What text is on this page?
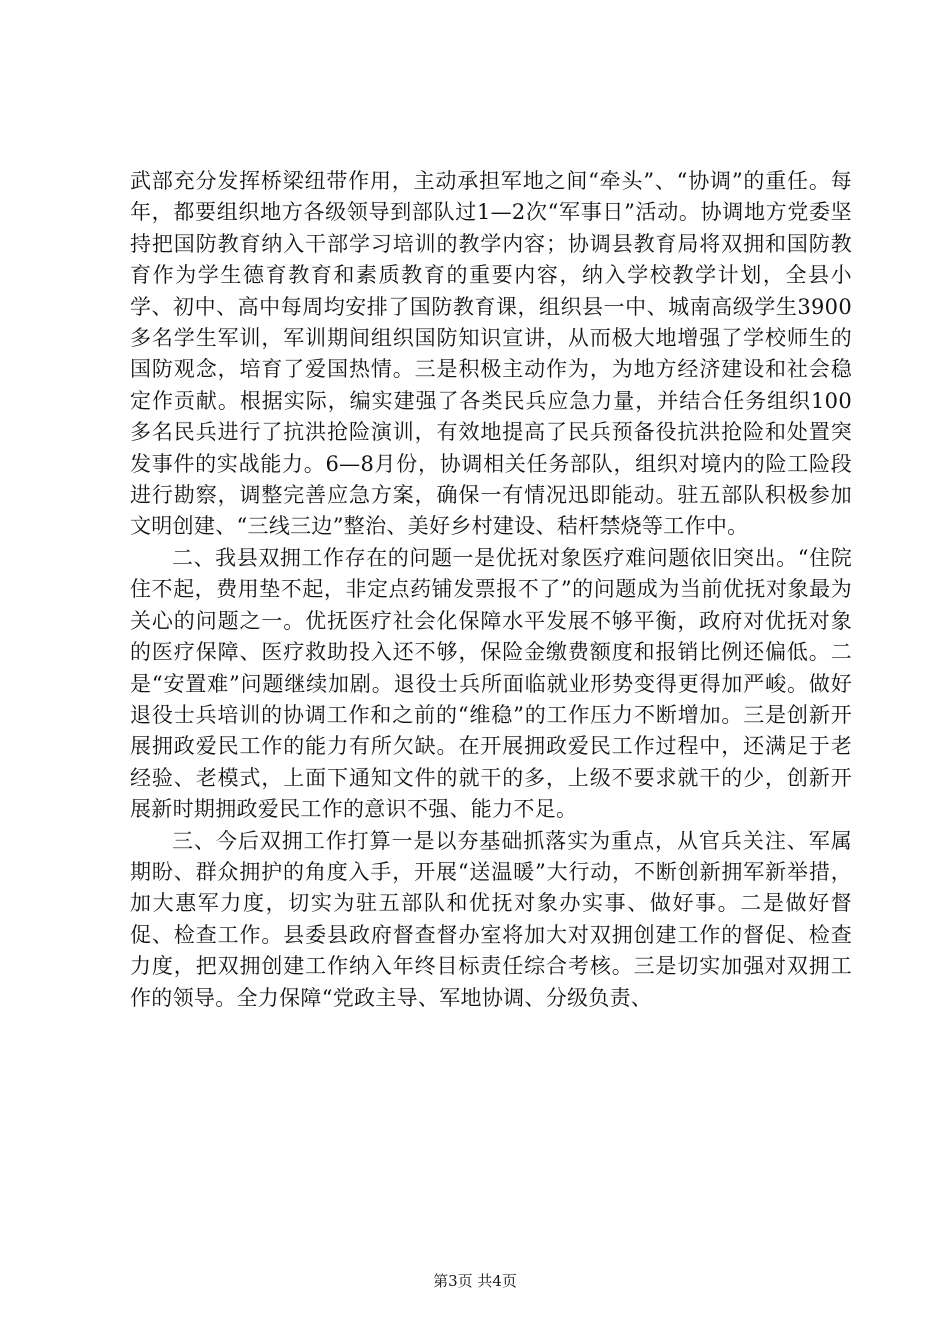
武部充分发挥桥梁纽带作用，主动承担军地之间“牵头”、“协调”的重任。每年，都要组织地方各级领导到部队过1—2次“军事日”活动。协调地方党委坚持把国防教育纳入干部学习培训的教学内容；协调县教育局将双拥和国防教育作为学生德育教育和素质教育的重要内容，纳入学校教学计划，全县小学、初中、高中每周均安排了国防教育课，组织县一中、城南高级学生3900多名学生军训，军训期间组织国防知识宣讲，从而极大地增强了学校师生的国防观念，培育了爱国热情。三是积极主动作为，为地方经济建设和社会稳定作贡献。根据实际，编实建强了各类民兵应急力量，并结合任务组织100多名民兵进行了抗洪抢险演训，有效地提高了民兵预备役抗洪抢险和处置突发事件的实战能力。6—8月份，协调相关任务部队，组织对境内的险工险段进行勘察，调整完善应急方案，确保一有情况迅即能动。驻五部队积极参加文明创建、“三线三边”整治、美好乡村建设、秸杆禁烧等工作中。

二、我县双拥工作存在的问题一是优抚对象医疗难问题依旧突出。“住院住不起，费用垫不起，非定点药铺发票报不了”的问题成为当前优抚对象最为关心的问题之一。优抚医疗社会化保障水平发展不够平衡，政府对优抚对象的医疗保障、医疗救助投入还不够，保险金缴费额度和报销比例还偏低。二是“安置难”问题继续加剧。退役士兵所面临就业形势变得更得加严峻。做好退役士兵培训的协调工作和之前的“维稳”的工作压力不断增加。三是创新开展拥政爱民工作的能力有所欠缺。在开展拥政爱民工作过程中，还满足于老经验、老模式，上面下通知文件的就干的多，上级不要求就干的少，创新开展新时期拥政爱民工作的意识不强、能力不足。

三、今后双拥工作打算一是以夯基础抓落实为重点，从官兵关注、军属期盼、群众拥护的角度入手，开展“送温暖”大行动，不断创新拥军新举措，加大惠军力度，切实为驻五部队和优抚对象办实事、做好事。二是做好督促、检查工作。县委县政府督查督办室将加大对双拥创建工作的督促、检查力度，把双拥创建工作纳入年终目标责任综合考核。三是切实加强对双拥工作的领导。全力保障“党政主导、军地协调、分级负责、

第3页 共4页
